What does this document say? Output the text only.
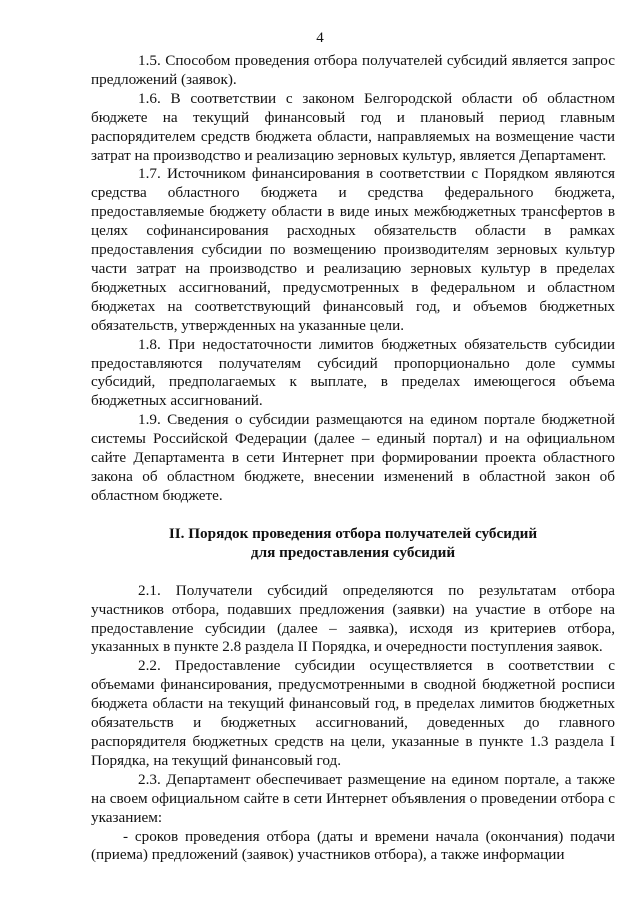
4

1.5. Способом проведения отбора получателей субсидий является запрос предложений (заявок).

1.6. В соответствии с законом Белгородской области об областном бюджете на текущий финансовый год и плановый период главным распорядителем средств бюджета области, направляемых на возмещение части затрат на производство и реализацию зерновых культур, является Департамент.

1.7. Источником финансирования в соответствии с Порядком являются средства областного бюджета и средства федерального бюджета, предоставляемые бюджету области в виде иных межбюджетных трансфертов в целях софинансирования расходных обязательств области в рамках предоставления субсидии по возмещению производителям зерновых культур части затрат на производство и реализацию зерновых культур в пределах бюджетных ассигнований, предусмотренных в федеральном и областном бюджетах на соответствующий финансовый год, и объемов бюджетных обязательств, утвержденных на указанные цели.

1.8. При недостаточности лимитов бюджетных обязательств субсидии предоставляются получателям субсидий пропорционально доле суммы субсидий, предполагаемых к выплате, в пределах имеющегося объема бюджетных ассигнований.

1.9. Сведения о субсидии размещаются на едином портале бюджетной системы Российской Федерации (далее – единый портал) и на официальном сайте Департамента в сети Интернет при формировании проекта областного закона об областном бюджете, внесении изменений в областной закон об областном бюджете.

II. Порядок проведения отбора получателей субсидий
для предоставления субсидий

2.1. Получатели субсидий определяются по результатам отбора участников отбора, подавших предложения (заявки) на участие в отборе на предоставление субсидии (далее – заявка), исходя из критериев отбора, указанных в пункте 2.8 раздела II Порядка, и очередности поступления заявок.

2.2. Предоставление субсидии осуществляется в соответствии с объемами финансирования, предусмотренными в сводной бюджетной росписи бюджета области на текущий финансовый год, в пределах лимитов бюджетных обязательств и бюджетных ассигнований, доведенных до главного распорядителя бюджетных средств на цели, указанные в пункте 1.3 раздела I Порядка, на текущий финансовый год.

2.3. Департамент обеспечивает размещение на едином портале, а также на своем официальном сайте в сети Интернет объявления о проведении отбора с указанием:

- сроков проведения отбора (даты и времени начала (окончания) подачи (приема) предложений (заявок) участников отбора), а также информации
